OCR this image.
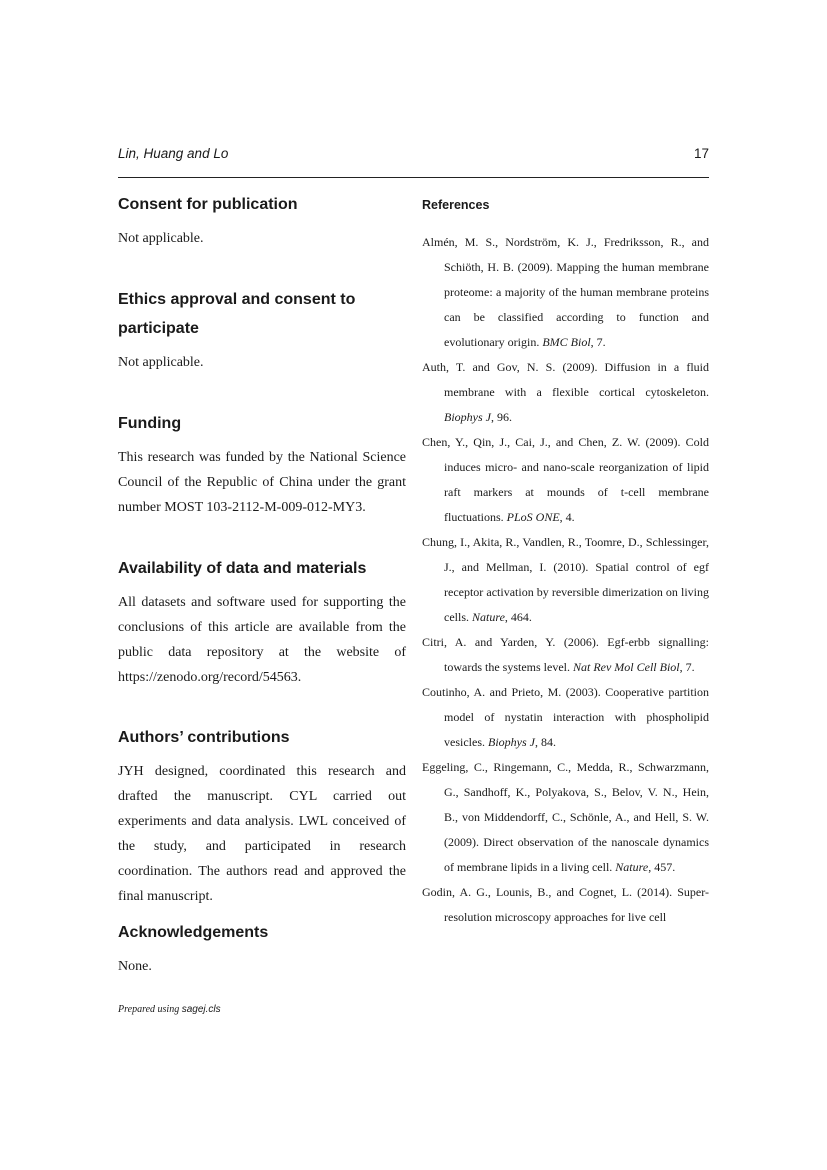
Lin, Huang and Lo	17
Consent for publication

Not applicable.

Ethics approval and consent to participate

Not applicable.

Funding

This research was funded by the National Science Council of the Republic of China under the grant number MOST 103-2112-M-009-012-MY3.

Availability of data and materials

All datasets and software used for supporting the conclusions of this article are available from the public data repository at the website of https://zenodo.org/record/54563.

Authors’ contributions

JYH designed, coordinated this research and drafted the manuscript. CYL carried out experiments and data analysis. LWL conceived of the study, and participated in research coordination. The authors read and approved the final manuscript.

Acknowledgements

None.

References

Almén, M. S., Nordström, K. J., Fredriksson, R., and Schiöth, H. B. (2009). Mapping the human membrane proteome: a majority of the human membrane proteins can be classified according to function and evolutionary origin. BMC Biol, 7.

Auth, T. and Gov, N. S. (2009). Diffusion in a fluid membrane with a flexible cortical cytoskeleton. Biophys J, 96.

Chen, Y., Qin, J., Cai, J., and Chen, Z. W. (2009). Cold induces micro- and nano-scale reorganization of lipid raft markers at mounds of t-cell membrane fluctuations. PLoS ONE, 4.

Chung, I., Akita, R., Vandlen, R., Toomre, D., Schlessinger, J., and Mellman, I. (2010). Spatial control of egf receptor activation by reversible dimerization on living cells. Nature, 464.

Citri, A. and Yarden, Y. (2006). Egf-erbb signalling: towards the systems level. Nat Rev Mol Cell Biol, 7.

Coutinho, A. and Prieto, M. (2003). Cooperative partition model of nystatin interaction with phospholipid vesicles. Biophys J, 84.

Eggeling, C., Ringemann, C., Medda, R., Schwarzmann, G., Sandhoff, K., Polyakova, S., Belov, V. N., Hein, B., von Middendorff, C., Schönle, A., and Hell, S. W. (2009). Direct observation of the nanoscale dynamics of membrane lipids in a living cell. Nature, 457.

Godin, A. G., Lounis, B., and Cognet, L. (2014). Super-resolution microscopy approaches for live cell

Prepared using sagej.cls
